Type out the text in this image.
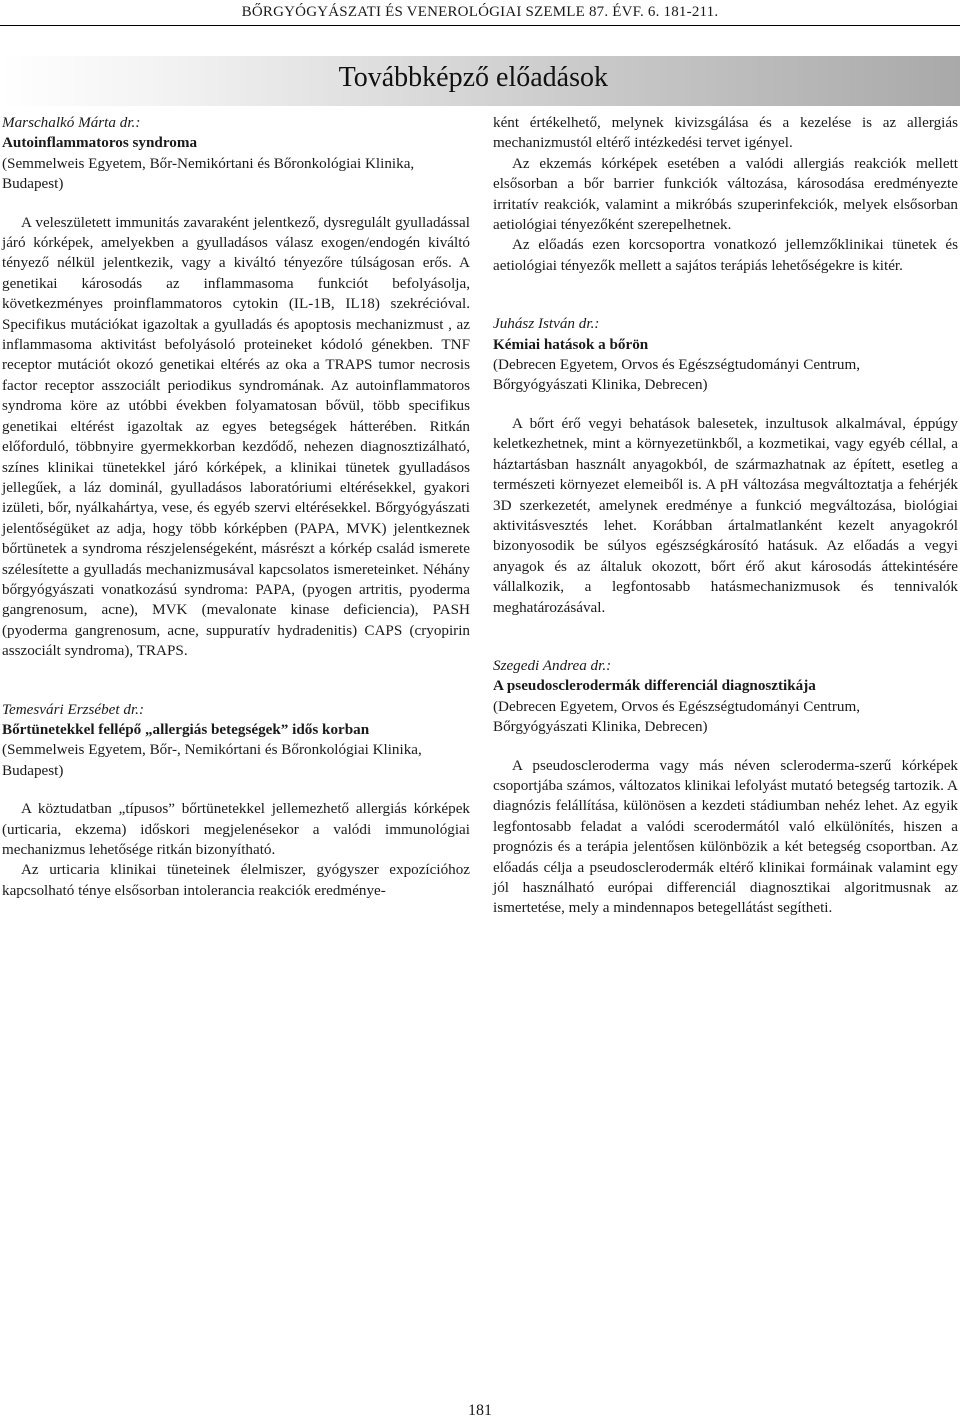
BŐRGYÓGYÁSZATI ÉS VENEROLÓGIAI SZEMLE 87. ÉVF. 6. 181-211.
Továbbképző előadások
Marschalkó Márta dr.:
Autoinflammatoros syndroma
(Semmelweis Egyetem, Bőr-Nemikórtani és Bőronkológiai Klinika, Budapest)

A veleszületett immunitás zavaraként jelentkező, dysregulált gyulladással járó kórképek, amelyekben a gyulladásos válasz exogen/endogén kiváltó tényező nélkül jelentkezik, vagy a kiváltó tényezőre túlságosan erős. A genetikai károsodás az inflammasoma funkciót befolyásolja, következményes proinflammatoros cytokin (IL-1B, IL18) szekrécióval. Specifikus mutációkat igazoltak a gyulladás és apoptosis mechanizmust , az inflammasoma aktivitást befolyásoló proteineket kódoló génekben. TNF receptor mutációt okozó genetikai eltérés az oka a TRAPS tumor necrosis factor receptor asszociált periodikus syndromának. Az autoinflammatoros syndroma köre az utóbbi években folyamatosan bővül, több specifikus genetikai eltérést igazoltak az egyes betegségek hátterében. Ritkán előforduló, többnyire gyermekkorban kezdődő, nehezen diagnosztizálható, színes klinikai tünetekkel járó kórképek, a klinikai tünetek gyulladásos jellegűek, a láz dominál, gyulladásos laboratóriumi eltérésekkel, gyakori izületi, bőr, nyálkahártya, vese, és egyéb szervi eltérésekkel. Bőrgyógyászati jelentőségüket az adja, hogy több kórképben (PAPA, MVK) jelentkeznek bőrtünetek a syndroma részjelenségeként, másrészt a kórkép család ismerete szélesítette a gyulladás mechanizmusával kapcsolatos ismereteinket. Néhány bőrgyógyászati vonatkozású syndroma: PAPA, (pyogen artritis, pyoderma gangrenosum, acne), MVK (mevalonate kinase deficiencia), PASH (pyoderma gangrenosum, acne, suppuratív hydradenitis) CAPS (cryopirin asszociált syndroma), TRAPS.

Temesvári Erzsébet dr.:
Bőrtünetekkel fellépő „allergiás betegségek” idős korban
(Semmelweis Egyetem, Bőr-, Nemikórtani és Bőronkológiai Klinika, Budapest)

A köztudatban „típusos” bőrtünetekkel jellemezhető allergiás kórképek (urticaria, ekzema) időskori megjelenésekor a valódi immunológiai mechanizmus lehetősége ritkán bizonyítható.

Az urticaria klinikai tüneteinek élelmiszer, gyógyszer expozícióhoz kapcsolható ténye elsősorban intolerancia reakciók eredménye-

ként értékelhető, melynek kivizsgálása és a kezelése is az allergiás mechanizmustól eltérő intézkedési tervet igényel.

Az ekzemás kórképek esetében a valódi allergiás reakciók mellett elsősorban a bőr barrier funkciók változása, károsodása eredményezte irritatív reakciók, valamint a mikróbás szuperinfekciók, melyek elsősorban aetiológiai tényezőként szerepelhetnek.

Az előadás ezen korcsoportra vonatkozó jellemzőklinikai tünetek és aetiológiai tényezők mellett a sajátos terápiás lehetőségekre is kitér.

Juhász István dr.:
Kémiai hatások a bőrön
(Debrecen Egyetem, Orvos és Egészségtudományi Centrum, Bőrgyógyászati Klinika, Debrecen)

A bőrt érő vegyi behatások balesetek, inzultusok alkalmával, éppúgy keletkezhetnek, mint a környezetünkből, a kozmetikai, vagy egyéb céllal, a háztartásban használt anyagokból, de származhatnak az épített, esetleg a természeti környezet elemeiből is. A pH változása megváltoztatja a fehérjék 3D szerkezetét, amelynek eredménye a funkció megváltozása, biológiai aktivitásvesztés lehet. Korábban ártalmatlanként kezelt anyagokról bizonyosodik be súlyos egészségkárosító hatásuk. Az előadás a vegyi anyagok és az általuk okozott, bőrt érő akut károsodás áttekintésére vállalkozik, a legfontosabb hatásmechanizmusok és tennivalók meghatározásával.

Szegedi Andrea dr.:
A pseudosclerodermák differenciál diagnosztikája
(Debrecen Egyetem, Orvos és Egészségtudományi Centrum, Bőrgyógyászati Klinika, Debrecen)

A pseudoscleroderma vagy más néven scleroderma-szerű kórképek csoportjába számos, változatos klinikai lefolyást mutató betegség tartozik. A diagnózis felállítása, különösen a kezdeti stádiumban nehéz lehet. Az egyik legfontosabb feladat a valódi scerodermától való elkülönítés, hiszen a prognózis és a terápia jelentősen különbözik a két betegség csoportban. Az előadás célja a pseudosclerodermák eltérő klinikai formáinak valamint egy jól használható európai differenciál diagnosztikai algoritmusnak az ismertetése, mely a mindennapos betegellátást segítheti.

181
